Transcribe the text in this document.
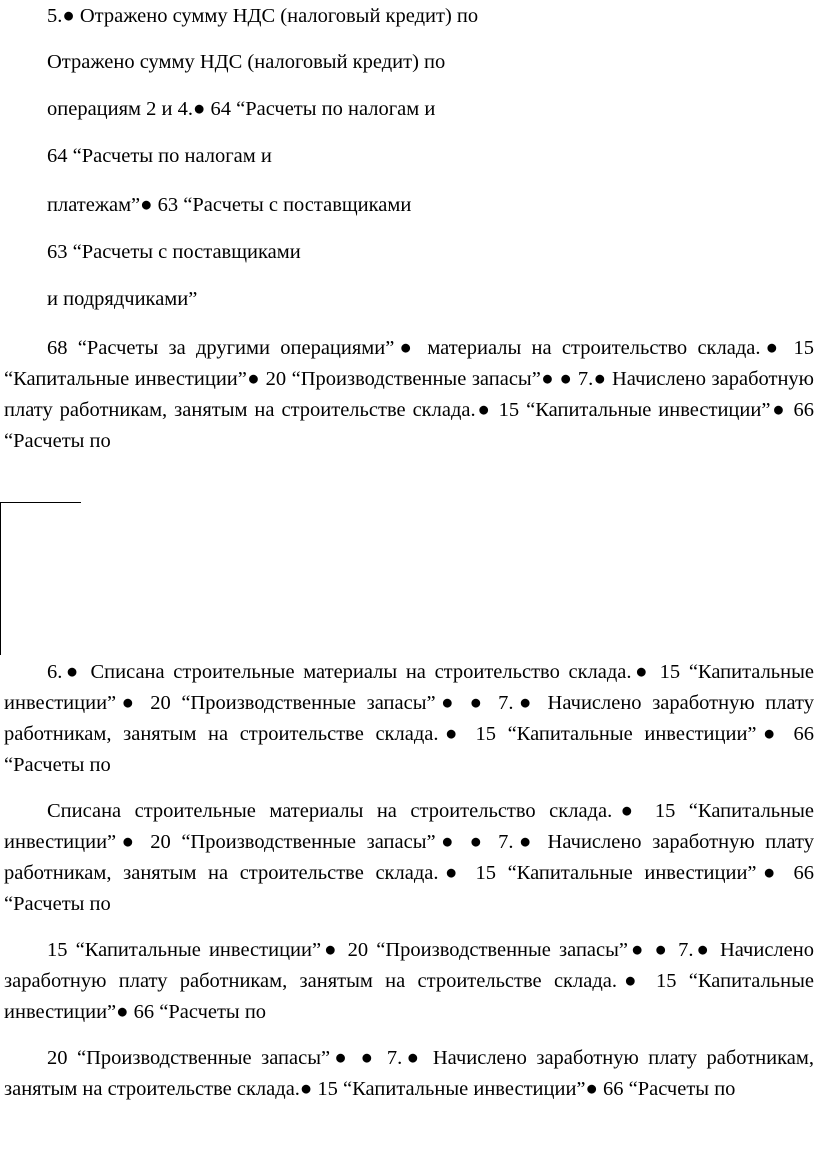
5.● Отражено сумму НДС (налоговый кредит) по
Отражено сумму НДС (налоговый кредит) по
операциям 2 и 4.● 64 “Расчеты по налогам и
64 “Расчеты по налогам и
платежам”● 63 “Расчеты с поставщиками
63 “Расчеты с поставщиками
и подрядчиками”
68 “Расчеты за другими операциями”● материалы на строительство склада.● 15 “Капитальные инвестиции”● 20 “Производственные запасы”● ● 7.● Начислено заработную плату работникам, занятым на строительстве склада.● 15 “Капитальные инвестиции”● 66 “Расчеты по
6.● Списана строительные материалы на строительство склада.● 15 “Капитальные инвестиции”● 20 “Производственные запасы”● ● 7.● Начислено заработную плату работникам, занятым на строительстве склада.● 15 “Капитальные инвестиции”● 66 “Расчеты по
Списана строительные материалы на строительство склада.● 15 “Капитальные инвестиции”● 20 “Производственные запасы”● ● 7.● Начислено заработную плату работникам, занятым на строительстве склада.● 15 “Капитальные инвестиции”● 66 “Расчеты по
15 “Капитальные инвестиции”● 20 “Производственные запасы”● ● 7.● Начислено заработную плату работникам, занятым на строительстве склада.● 15 “Капитальные инвестиции”● 66 “Расчеты по
20 “Производственные запасы”● ● 7.● Начислено заработную плату работникам, занятым на строительстве склада.● 15 “Капитальные инвестиции”● 66 “Расчеты по
